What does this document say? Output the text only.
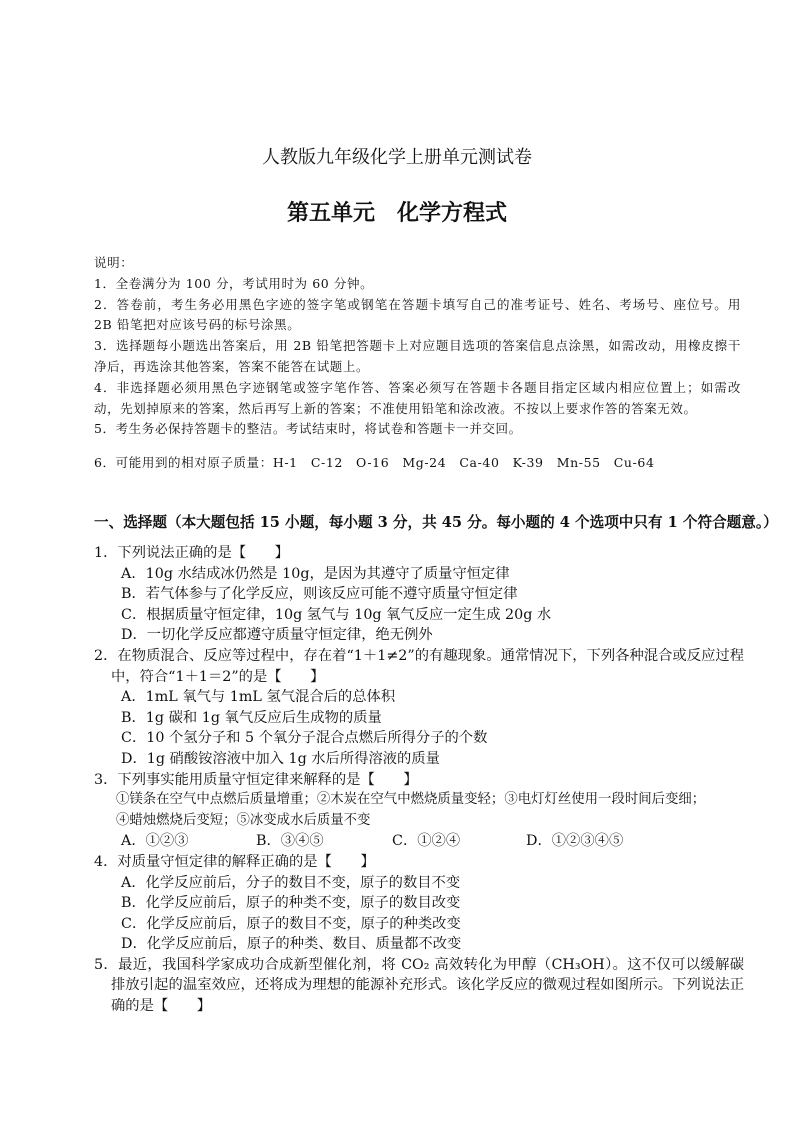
人教版九年级化学上册单元测试卷
第五单元　化学方程式
说明：
1．全卷满分为 100 分，考试用时为 60 分钟。
2．答卷前，考生务必用黑色字迹的签字笔或钢笔在答题卡填写自己的准考证号、姓名、考场号、座位号。用 2B 铅笔把对应该号码的标号涂黑。
3．选择题每小题选出答案后，用 2B 铅笔把答题卡上对应题目选项的答案信息点涂黑，如需改动，用橡皮擦干净后，再选涂其他答案，答案不能答在试题上。
4．非选择题必须用黑色字迹钢笔或签字笔作答、答案必须写在答题卡各题目指定区域内相应位置上；如需改动，先划掉原来的答案，然后再写上新的答案；不准使用铅笔和涂改液。不按以上要求作答的答案无效。
5．考生务必保持答题卡的整洁。考试结束时，将试卷和答题卡一并交回。
6．可能用到的相对原子质量：H-1　C-12　O-16　Mg-24　Ca-40　K-39　Mn-55　Cu-64
一、选择题（本大题包括 15 小题，每小题 3 分，共 45 分。每小题的 4 个选项中只有 1 个符合题意。）
1．下列说法正确的是【　　】
A．10g 水结成冰仍然是 10g，是因为其遵守了质量守恒定律
B．若气体参与了化学反应，则该反应可能不遵守质量守恒定律
C．根据质量守恒定律，10g 氢气与 10g 氧气反应一定生成 20g 水
D．一切化学反应都遵守质量守恒定律，绝无例外
2．在物质混合、反应等过程中，存在着“1＋1≠2”的有趣现象。通常情况下，下列各种混合或反应过程中，符合“1＋1＝2”的是【　　】
A．1mL 氧气与 1mL 氢气混合后的总体积
B．1g 碳和 1g 氧气反应后生成物的质量
C．10 个氢分子和 5 个氧分子混合点燃后所得分子的个数
D．1g 硝酸铵溶液中加入 1g 水后所得溶液的质量
3．下列事实能用质量守恒定律来解释的是【　　】
①镁条在空气中点燃后质量增重；②木炭在空气中燃烧质量变轻；③电灯灯丝使用一段时间后变细；
④蜡烛燃烧后变短；⑤冰变成水后质量不变
A．①②③	B．③④⑤	C．①②④	D．①②③④⑤
4．对质量守恒定律的解释正确的是【　　】
A．化学反应前后，分子的数目不变，原子的数目不变
B．化学反应前后，原子的种类不变，原子的数目改变
C．化学反应前后，原子的数目不变，原子的种类改变
D．化学反应前后，原子的种类、数目、质量都不改变
5．最近，我国科学家成功合成新型催化剂，将 CO₂ 高效转化为甲醇（CH₃OH）。这不仅可以缓解碳排放引起的温室效应，还将成为理想的能源补充形式。该化学反应的微观过程如图所示。下列说法正确的是【　　】
